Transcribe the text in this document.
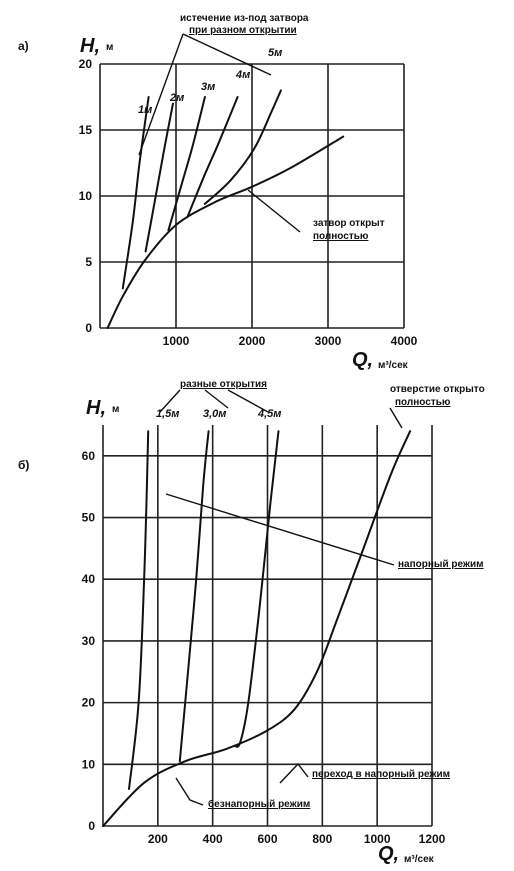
а)
0
5
10
15
20
1000	2000	3000	4000
1м
2м
3м
4м
5м
H, м
Q, м³/сек
истечение из-под затвора
при разном открытии
затвор открыт
полностью
б)
0
10
20
30
40
50
60
200	400	600	800	1000 1200
1,5м 3,0м	4,5м
H, м
Q, м³/сек
разные открытия	отверстие открыто
полностью
напорный режим
переход в напорный режим
безнапорный режим
